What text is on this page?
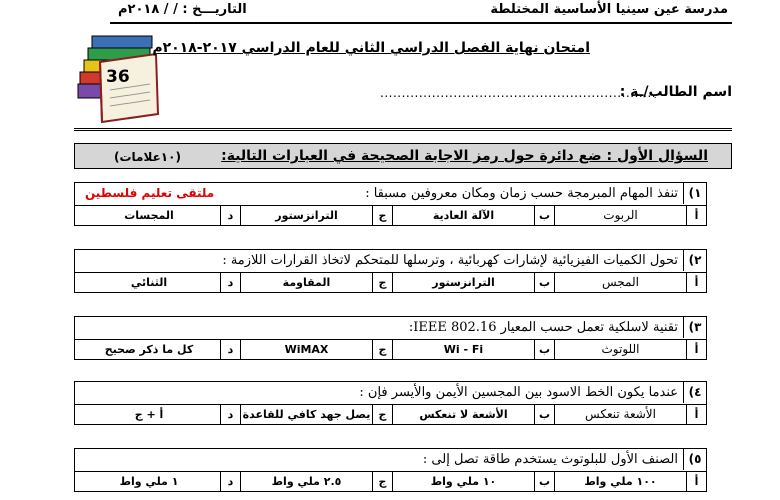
مدرسة عين سينيا الأساسية المختلطة
التاريـــخ : / / ٢٠١٨م
36
امتحان نهاية الفصل الدراسي الثاني للعام الدراسي ٢٠١٧-٢٠١٨م
اسم الطالب/ـة :
................................................................
السؤال الأول : ضع دائرة حول رمز الاجابة الصحيحة في العبارات التالية:
(١٠علامات)
١)
تنفذ المهام المبرمجة حسب زمان ومكان معروفين مسبقا :
ملتقى تعليم فلسطين
أ
الربوت
ب
الآلة العادية
ج
الترانزستور
د
المجسات
٢)
تحول الكميات الفيزيائية لإشارات كهربائية ، وترسلها للمتحكم لاتخاذ القرارات اللازمة :
أ
المجس
ب
الترانزستور
ج
المقاومة
د
الثنائي
٣)
تقنية لاسلكية تعمل حسب المعيار IEEE 802.16:
أ
اللوتوث
ب
Wi - Fi
ج
WiMAX
د
كل ما ذكر صحيح
٤)
عندما يكون الخط الاسود بين المجسين الأيمن والأيسر فإن :
أ
الأشعة تنعكس
ب
الأشعة لا تنعكس
ج
يصل جهد كافي للقاعدة
د
أ + ج
٥)
الصنف الأول للبلوتوث يستخدم طاقة تصل إلى :
أ
١٠٠ ملي واط
ب
١٠ ملي واط
ج
٢.٥ ملي واط
د
١ ملي واط
